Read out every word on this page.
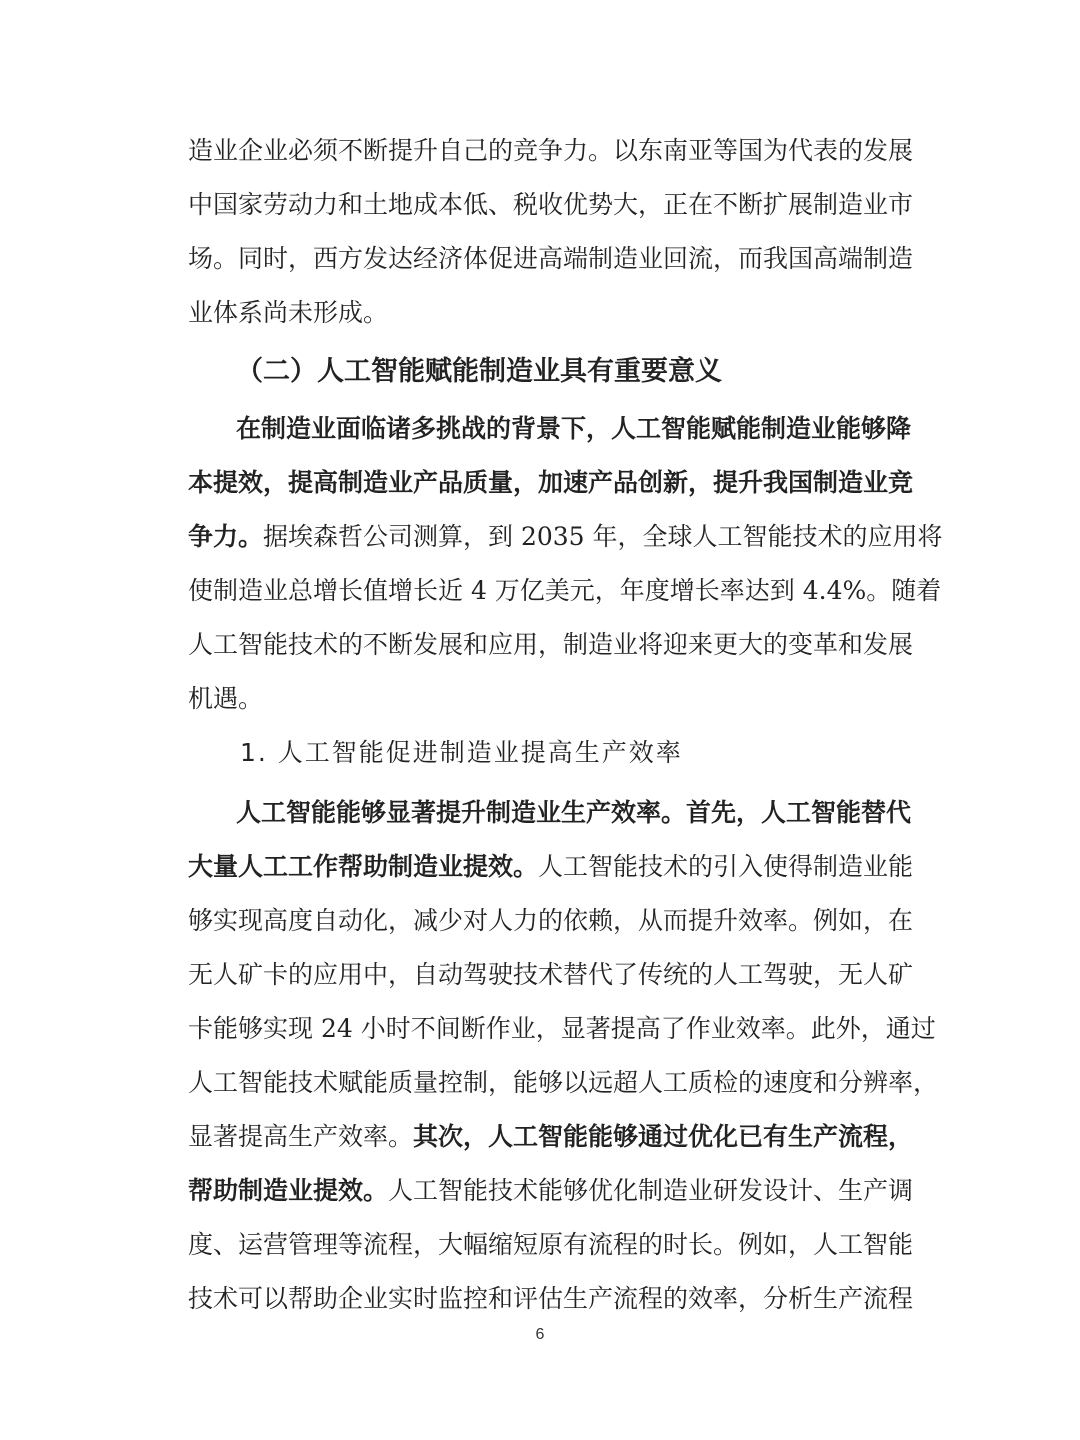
造业企业必须不断提升自己的竞争力。以东南亚等国为代表的发展
中国家劳动力和土地成本低、税收优势大，正在不断扩展制造业市
场。同时，西方发达经济体促进高端制造业回流，而我国高端制造
业体系尚未形成。
（二）人工智能赋能制造业具有重要意义
在制造业面临诸多挑战的背景下，人工智能赋能制造业能够降
本提效，提高制造业产品质量，加速产品创新，提升我国制造业竞
争力。据埃森哲公司测算，到 2035 年，全球人工智能技术的应用将
使制造业总增长值增长近 4 万亿美元，年度增长率达到 4.4%。随着
人工智能技术的不断发展和应用，制造业将迎来更大的变革和发展
机遇。
1. 人工智能促进制造业提高生产效率
人工智能能够显著提升制造业生产效率。首先，人工智能替代
大量人工工作帮助制造业提效。人工智能技术的引入使得制造业能
够实现高度自动化，减少对人力的依赖，从而提升效率。例如，在
无人矿卡的应用中，自动驾驶技术替代了传统的人工驾驶，无人矿
卡能够实现 24 小时不间断作业，显著提高了作业效率。此外，通过
人工智能技术赋能质量控制，能够以远超人工质检的速度和分辨率，
显著提高生产效率。其次，人工智能能够通过优化已有生产流程，
帮助制造业提效。人工智能技术能够优化制造业研发设计、生产调
度、运营管理等流程，大幅缩短原有流程的时长。例如，人工智能
技术可以帮助企业实时监控和评估生产流程的效率，分析生产流程
6
